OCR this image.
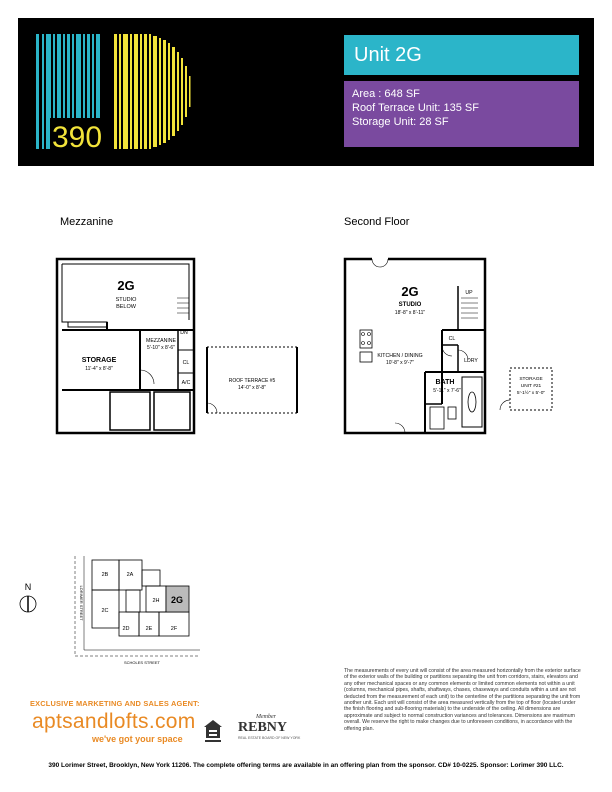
390
Unit 2G
Area : 648 SF
Roof Terrace Unit: 135 SF
Storage Unit: 28 SF
Mezzanine	Second Floor
2G
STUDIO
BELOW
DN
MEZZANINE
5'-10" x 8'-6"
CL
STORAGE
11'-4" x 8'-8"
A/C	ROOF TERRACE #5
14'-0" x 8'-8"
2G
STUDIO
18'-8" x 8'-11"
UP
CL
KITCHEN / DINING
10'-8" x 9'-7"	LDRY
BATH
5'-11" x 7'-6"
STORAGE
UNIT #21
5'-1½" x 5'-0"
2B	2A
2H 2G
2C
2D	2E	2F
LORIMER STREET
SCHOLES STREET
N
The measurements of every unit will consist of the area measured horizontally from the exterior surface of the exterior walls of the building or partitions separating the unit from corridors, stairs, elevators and any other mechanical spaces or any common elements or limited common elements not within a unit (columns, mechanical pipes, shafts, shaftways, chases, chaseways and conduits within a unit are not deducted from the measurement of each unit) to the centerline of the partitions separating the unit from another unit. Each unit will consist of the area measured vertically from the top of floor (located under the finish flooring and sub-flooring materials) to the underside of the ceiling. All dimensions are approximate and subject to normal construction variances and tolerances. Dimensions are maximum overall. We reserve the right to make changes due to unforeseen conditions, in accordance with the offering plan.
EXCLUSIVE MARKETING AND SALES AGENT:
aptsandlofts.com
we've got your space
Member
REBNY
REAL ESTATE BOARD OF NEW YORK
390 Lorimer Street, Brooklyn, New York 11206. The complete offering terms are available in an offering plan from the sponsor. CD# 10-0225. Sponsor: Lorimer 390 LLC.
